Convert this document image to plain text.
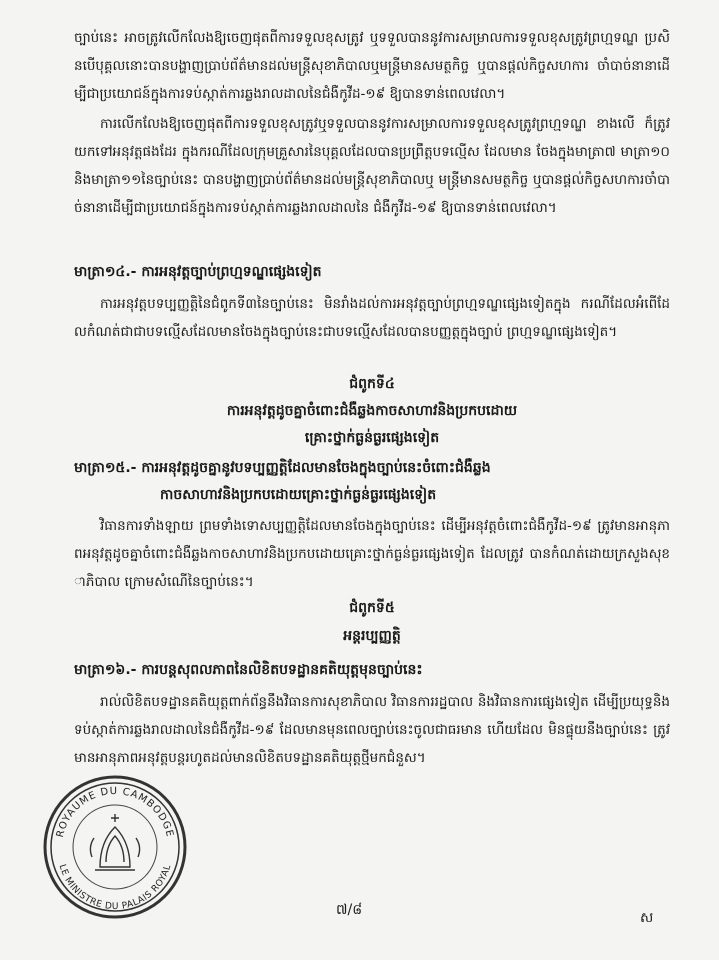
ច្បាប់នេះ អាចត្រូវលើកលែងឱ្យចេញផុតពីការទទួលខុសត្រូវ ឬទទួលបាននូវការសម្រាលការទទួលខុសត្រូវព្រហ្មទណ្ឌ ប្រសិនបើបុគ្គលនោះបានបង្ហាញប្រាប់ព័ត៌មានដល់មន្ត្រីសុខាភិបាលឬមន្ត្រីមានសមត្ថកិច្ច ឬបានផ្តល់កិច្ចសហការ ចាំបាច់នានាដើម្បីជាប្រយោជន៍ក្នុងការទប់ស្កាត់ការឆ្លងរាលដាលនៃជំងឺកូវីដ-១៩ ឱ្យបានទាន់ពេលវេលា។
ការលើកលែងឱ្យចេញផុតពីការទទួលខុសត្រូវឬទទួលបាននូវការសម្រាលការទទួលខុសត្រូវព្រហ្មទណ្ឌ ខាងលើ ក៏ត្រូវយកទៅអនុវត្តផងដែរ ក្នុងករណីដែលក្រុមគ្រួសារនៃបុគ្គលដែលបានប្រព្រឹត្តបទល្មើស ដែលមាន ចែងក្នុងមាត្រា៧ មាត្រា១០ និងមាត្រា១១នៃច្បាប់នេះ បានបង្ហាញប្រាប់ព័ត៌មានដល់មន្ត្រីសុខាភិបាលឬ មន្ត្រីមានសមត្ថកិច្ច ឬបានផ្តល់កិច្ចសហការចាំបាច់នានាដើម្បីជាប្រយោជន៍ក្នុងការទប់ស្កាត់ការឆ្លងរាលដាលនៃ ជំងឺកូវីដ-១៩ ឱ្យបានទាន់ពេលវេលា។
មាត្រា១៤.- ការអនុវត្តច្បាប់ព្រហ្មទណ្ឌផ្សេងទៀត
ការអនុវត្តបទប្បញ្ញត្តិនៃជំពូកទី៣នៃច្បាប់នេះ មិនរាំងដល់ការអនុវត្តច្បាប់ព្រហ្មទណ្ឌផ្សេងទៀតក្នុង ករណីដែលអំពើដែលកំណត់ជាជាបទល្មើសដែលមានចែងក្នុងច្បាប់នេះជាបទល្មើសដែលបានបញ្ញត្តក្នុងច្បាប់ ព្រហ្មទណ្ឌផ្សេងទៀត។
ជំពូកទី៤
ការអនុវត្តដូចគ្នាចំពោះជំងឺឆ្លងកាចសាហាវនិងប្រកបដោយ
គ្រោះថ្នាក់ធ្ងន់ធ្ងរផ្សេងទៀត
មាត្រា១៥.- ការអនុវត្តដូចគ្នានូវបទប្បញ្ញត្តិដែលមានចែងក្នុងច្បាប់នេះចំពោះជំងឺឆ្លង
កាចសាហាវនិងប្រកបដោយគ្រោះថ្នាក់ធ្ងន់ធ្ងរផ្សេងទៀត
វិធានការទាំងឡាយ ព្រមទាំងទោសប្បញ្ញត្តិដែលមានចែងក្នុងច្បាប់នេះ ដើម្បីអនុវត្តចំពោះជំងឺកូវីដ-១៩ ត្រូវមានអានុភាពអនុវត្តដូចគ្នាចំពោះជំងឺឆ្លងកាចសាហាវនិងប្រកបដោយគ្រោះថ្នាក់ធ្ងន់ធ្ងរផ្សេងទៀត ដែលត្រូវ បានកំណត់ដោយក្រសួងសុខាភិបាល ក្រោមសំណើនៃច្បាប់នេះ។
ជំពូកទី៥
អន្តរប្បញ្ញត្តិ
មាត្រា១៦.- ការបន្តសុពលភាពនៃលិខិតបទដ្ឋានគតិយុត្តមុនច្បាប់នេះ
រាល់លិខិតបទដ្ឋានគតិយុត្តពាក់ព័ន្ធនឹងវិធានការសុខាភិបាល វិធានការរដ្ឋបាល និងវិធានការផ្សេងទៀត ដើម្បីប្រយុទ្ធនិងទប់ស្កាត់ការឆ្លងរាលដាលនៃជំងឺកូវីដ-១៩ ដែលមានមុនពេលច្បាប់នេះចូលជាធរមាន ហើយដែល មិនផ្ទុយនឹងច្បាប់នេះ ត្រូវមានអានុភាពអនុវត្តបន្តរហូតដល់មានលិខិតបទដ្ឋានគតិយុត្តថ្មីមកជំនួស។
ROYAUME DU CAMBODGE
LE MINISTRE DU PALAIS ROYAL
៧/៨	ស
